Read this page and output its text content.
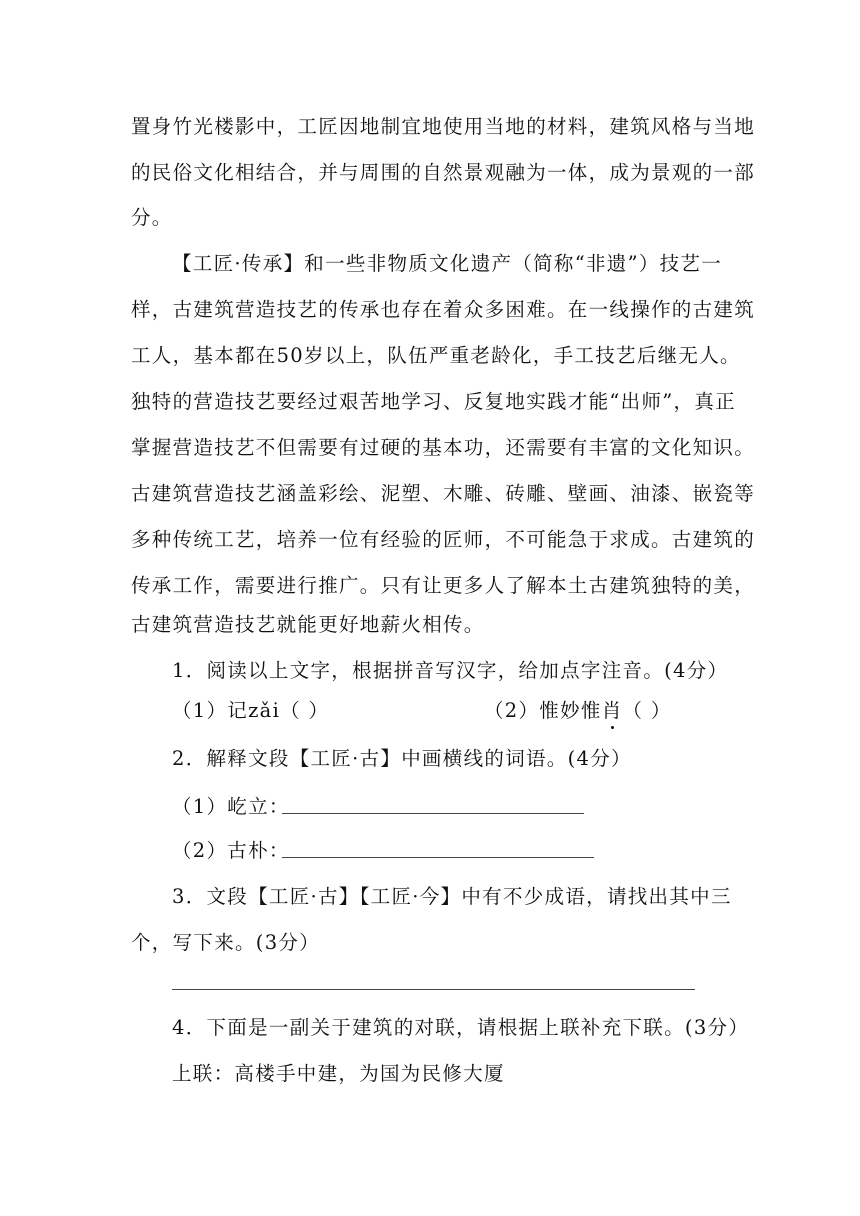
置身竹光楼影中，工匠因地制宜地使用当地的材料，建筑风格与当地
的民俗文化相结合，并与周围的自然景观融为一体，成为景观的一部
分。
【工匠·传承】和一些非物质文化遗产（简称“非遗”）技艺一
样，古建筑营造技艺的传承也存在着众多困难。在一线操作的古建筑
工人，基本都在50岁以上，队伍严重老龄化，手工技艺后继无人。
独特的营造技艺要经过艰苦地学习、反复地实践才能“出师”，真正
掌握营造技艺不但需要有过硬的基本功，还需要有丰富的文化知识。
古建筑营造技艺涵盖彩绘、泥塑、木雕、砖雕、壁画、油漆、嵌瓷等
多种传统工艺，培养一位有经验的匠师，不可能急于求成。古建筑的
传承工作，需要进行推广。只有让更多人了解本土古建筑独特的美，
古建筑营造技艺就能更好地薪火相传。
1．阅读以上文字，根据拼音写汉字，给加点字注音。(4分）
（1）记zǎi（ ）	（2）惟妙惟肖（ ）
2．解释文段【工匠·古】中画横线的词语。(4分）
（1）屹立：
（2）古朴：
3．文段【工匠·古】【工匠·今】中有不少成语，请找出其中三
个，写下来。(3分）
4．下面是一副关于建筑的对联，请根据上联补充下联。(3分）
上联：高楼手中建，为国为民修大厦
